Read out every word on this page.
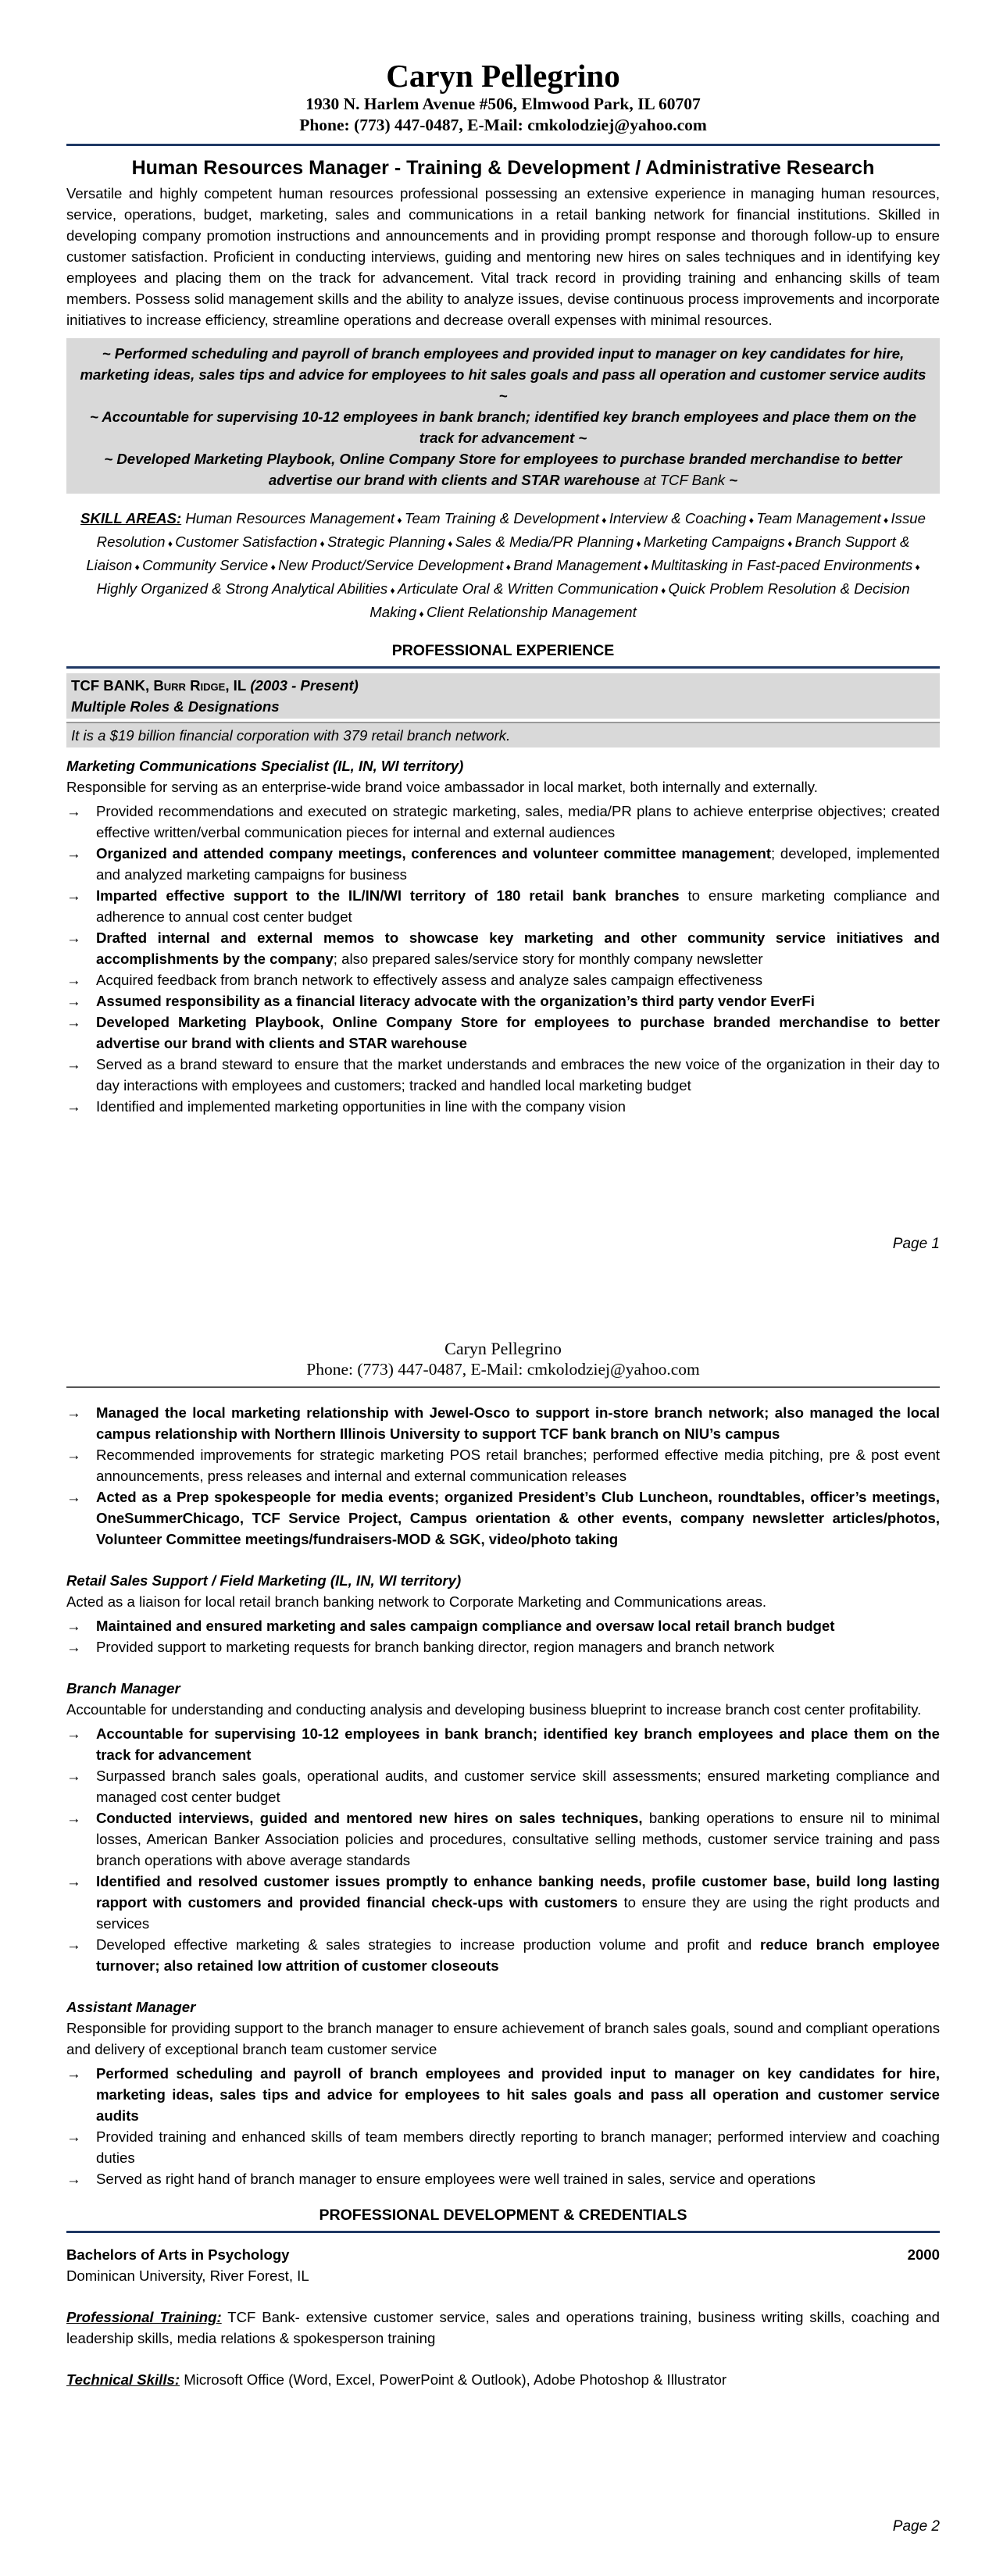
Caryn Pellegrino
1930 N. Harlem Avenue #506, Elmwood Park, IL 60707
Phone: (773) 447-0487, E-Mail: cmkolodziej@yahoo.com
Human Resources Manager - Training & Development / Administrative Research

Versatile and highly competent human resources professional possessing an extensive experience in managing human resources, service, operations, budget, marketing, sales and communications in a retail banking network for financial institutions. Skilled in developing company promotion instructions and announcements and in providing prompt response and thorough follow-up to ensure customer satisfaction. Proficient in conducting interviews, guiding and mentoring new hires on sales techniques and in identifying key employees and placing them on the track for advancement. Vital track record in providing training and enhancing skills of team members. Possess solid management skills and the ability to analyze issues, devise continuous process improvements and incorporate initiatives to increase efficiency, streamline operations and decrease overall expenses with minimal resources.

~ Performed scheduling and payroll of branch employees and provided input to manager on key candidates for hire, marketing ideas, sales tips and advice for employees to hit sales goals and pass all operation and customer service audits ~
~ Accountable for supervising 10-12 employees in bank branch; identified key branch employees and place them on the track for advancement ~
~ Developed Marketing Playbook, Online Company Store for employees to purchase branded merchandise to better advertise our brand with clients and STAR warehouse at TCF Bank ~
SKILL AREAS: Human Resources Management ♦ Team Training & Development ♦ Interview & Coaching ♦ Team Management ♦ Issue Resolution ♦ Customer Satisfaction ♦ Strategic Planning ♦ Sales & Media/PR Planning ♦ Marketing Campaigns ♦ Branch Support & Liaison ♦ Community Service ♦ New Product/Service Development ♦ Brand Management ♦ Multitasking in Fast-paced Environments ♦ Highly Organized & Strong Analytical Abilities ♦ Articulate Oral & Written Communication ♦ Quick Problem Resolution & Decision Making ♦ Client Relationship Management
PROFESSIONAL EXPERIENCE
TCF BANK, Burr Ridge, IL (2003 - Present)
Multiple Roles & Designations
It is a $19 billion financial corporation with 379 retail branch network.
Marketing Communications Specialist (IL, IN, WI territory)

Responsible for serving as an enterprise-wide brand voice ambassador in local market, both internally and externally.

→ Provided recommendations and executed on strategic marketing, sales, media/PR plans to achieve enterprise objectives; created effective written/verbal communication pieces for internal and external audiences
→ Organized and attended company meetings, conferences and volunteer committee management; developed, implemented and analyzed marketing campaigns for business
→ Imparted effective support to the IL/IN/WI territory of 180 retail bank branches to ensure marketing compliance and adherence to annual cost center budget
→ Drafted internal and external memos to showcase key marketing and other community service initiatives and accomplishments by the company; also prepared sales/service story for monthly company newsletter
→ Acquired feedback from branch network to effectively assess and analyze sales campaign effectiveness
→ Assumed responsibility as a financial literacy advocate with the organization’s third party vendor EverFi
→ Developed Marketing Playbook, Online Company Store for employees to purchase branded merchandise to better advertise our brand with clients and STAR warehouse
→ Served as a brand steward to ensure that the market understands and embraces the new voice of the organization in their day to day interactions with employees and customers; tracked and handled local marketing budget
→ Identified and implemented marketing opportunities in line with the company vision
Page 1
Caryn Pellegrino
Phone: (773) 447-0487, E-Mail: cmkolodziej@yahoo.com
→ Managed the local marketing relationship with Jewel-Osco to support in-store branch network; also managed the local campus relationship with Northern Illinois University to support TCF bank branch on NIU’s campus
→ Recommended improvements for strategic marketing POS retail branches; performed effective media pitching, pre & post event announcements, press releases and internal and external communication releases
→ Acted as a Prep spokespeople for media events; organized President’s Club Luncheon, roundtables, officer’s meetings, OneSummerChicago, TCF Service Project, Campus orientation & other events, company newsletter articles/photos, Volunteer Committee meetings/fundraisers-MOD & SGK, video/photo taking
Retail Sales Support / Field Marketing (IL, IN, WI territory)

Acted as a liaison for local retail branch banking network to Corporate Marketing and Communications areas.

→ Maintained and ensured marketing and sales campaign compliance and oversaw local retail branch budget
→ Provided support to marketing requests for branch banking director, region managers and branch network
Branch Manager

Accountable for understanding and conducting analysis and developing business blueprint to increase branch cost center profitability.

→ Accountable for supervising 10-12 employees in bank branch; identified key branch employees and place them on the track for advancement
→ Surpassed branch sales goals, operational audits, and customer service skill assessments; ensured marketing compliance and managed cost center budget
→ Conducted interviews, guided and mentored new hires on sales techniques, banking operations to ensure nil to minimal losses, American Banker Association policies and procedures, consultative selling methods, customer service training and pass branch operations with above average standards
→ Identified and resolved customer issues promptly to enhance banking needs, profile customer base, build long lasting rapport with customers and provided financial check-ups with customers to ensure they are using the right products and services
→ Developed effective marketing & sales strategies to increase production volume and profit and reduce branch employee turnover; also retained low attrition of customer closeouts
Assistant Manager

Responsible for providing support to the branch manager to ensure achievement of branch sales goals, sound and compliant operations and delivery of exceptional branch team customer service

→ Performed scheduling and payroll of branch employees and provided input to manager on key candidates for hire, marketing ideas, sales tips and advice for employees to hit sales goals and pass all operation and customer service audits
→ Provided training and enhanced skills of team members directly reporting to branch manager; performed interview and coaching duties
→ Served as right hand of branch manager to ensure employees were well trained in sales, service and operations
PROFESSIONAL DEVELOPMENT & CREDENTIALS
Bachelors of Arts in Psychology	2000
Dominican University, River Forest, IL
Professional Training: TCF Bank- extensive customer service, sales and operations training, business writing skills, coaching and leadership skills, media relations & spokesperson training
Technical Skills: Microsoft Office (Word, Excel, PowerPoint & Outlook), Adobe Photoshop & Illustrator
Page 2
